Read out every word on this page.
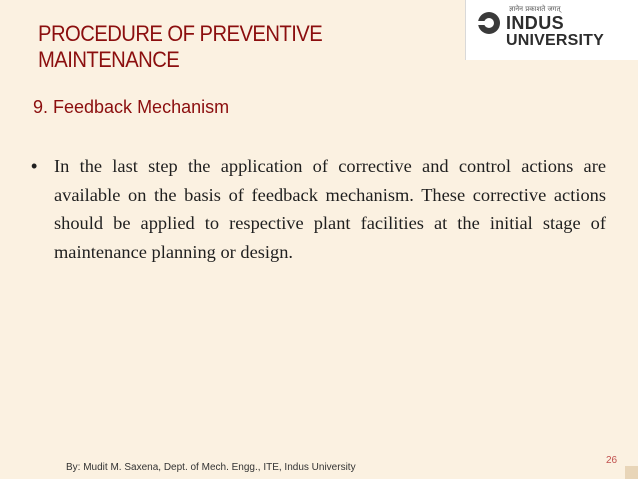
PROCEDURE OF PREVENTIVE
MAINTENANCE
ज्ञानेन प्रकाशते जगत्
INDUS
UNIVERSITY
9. Feedback Mechanism
• In the last step the application of corrective and control actions are available on the basis of feedback mechanism. These corrective actions should be applied to respective plant facilities at the initial stage of maintenance planning or design.
By: Mudit M. Saxena, Dept. of Mech. Engg., ITE, Indus University
26
